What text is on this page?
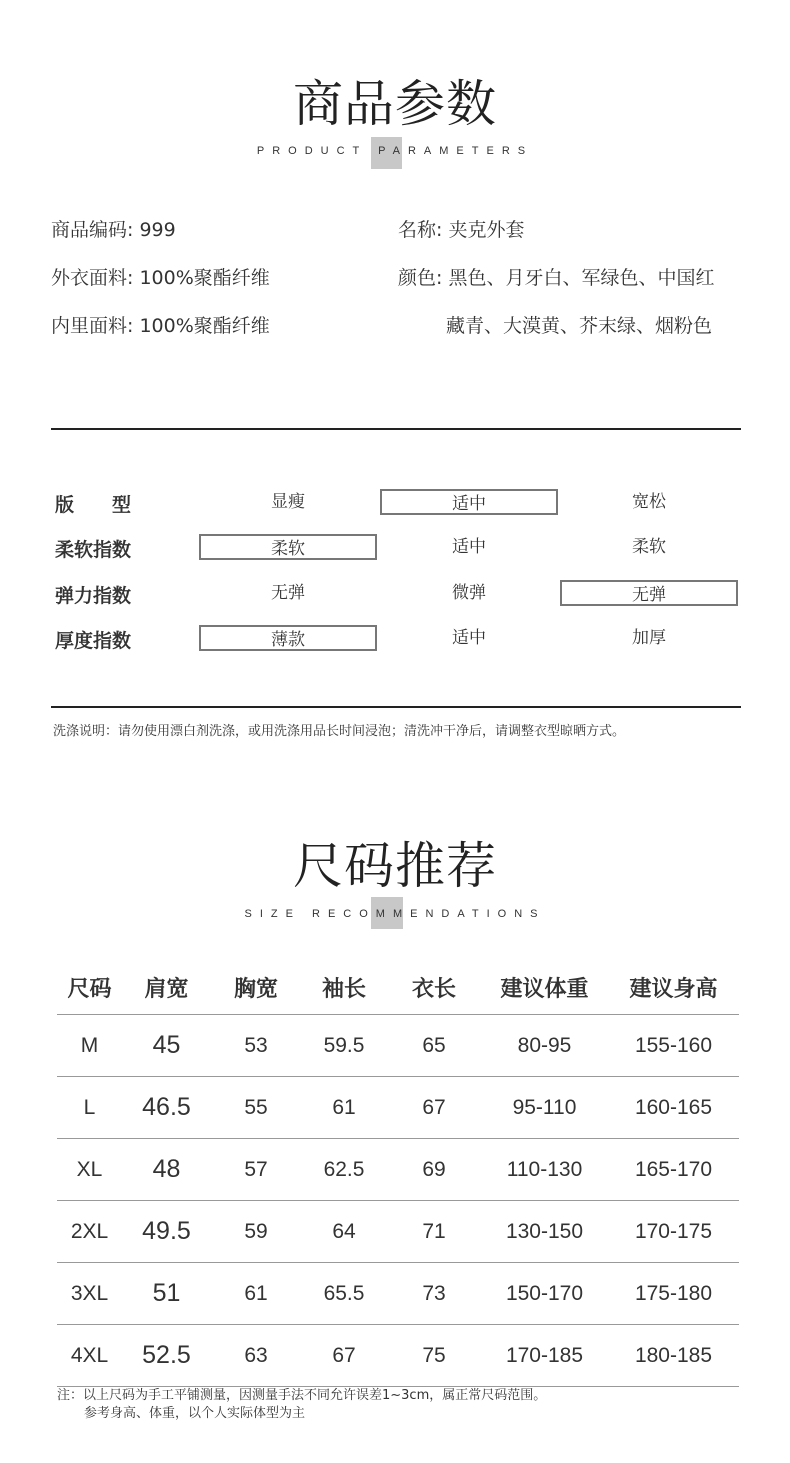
商品参数
PRODUCT PARAMETERS
商品编码: 999
外衣面料: 100%聚酯纤维
内里面料: 100%聚酯纤维
名称: 夹克外套
颜色: 黑色、月牙白、军绿色、中国红
藏青、大漠黄、芥末绿、烟粉色
版　　型	显瘦	适中	宽松
柔软指数	柔软	适中	柔软
弹力指数	无弹	微弹	无弹
厚度指数	薄款	适中	加厚
洗涤说明：请勿使用漂白剂洗涤，或用洗涤用品长时间浸泡；清洗冲干净后，请调整衣型晾晒方式。
尺码推荐
SIZE RECOMMENDATIONS
尺码	肩宽	胸宽	袖长	衣长	建议体重	建议身高
M	45	53	59.5	65	80-95	155-160
L	46.5	55	61	67	95-110	160-165
XL	48	57	62.5	69	110-130	165-170
2XL	49.5	59	64	71	130-150	170-175
3XL	51	61	65.5	73	150-170	175-180
4XL	52.5	63	67	75	170-185	180-185
注：以上尺码为手工平铺测量，因测量手法不同允许误差1~3cm，属正常尺码范围。
参考身高、体重，以个人实际体型为主
